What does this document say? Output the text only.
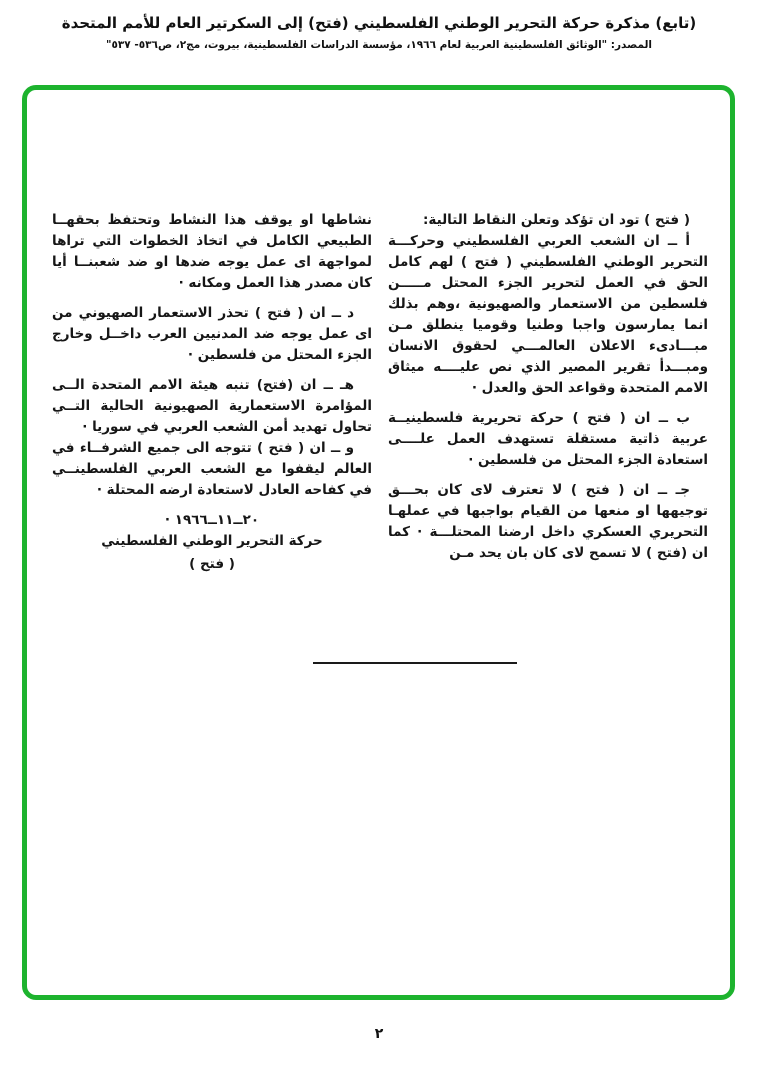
(تابع) مذكرة حركة التحرير الوطني الفلسطيني (فتح) إلى السكرتير العام للأمم المتحدة
المصدر: "الوثائق الفلسطينية العربية لعام ١٩٦٦، مؤسسة الدراسات الفلسطينية، بيروت، مج٢، ص٥٣٦- ٥٣٧"

( فتح ) تود ان تؤكد وتعلن النقاط التالية:

أ ــ ان الشعب العربي الفلسطيني وحركـــة التحرير الوطني الفلسطيني ( فتح ) لهم كامل الحق في العمل لتحرير الجزء المحتل مـــــن فلسطين من الاستعمار والصهيونية ،وهم بذلك انما يمارسون واجبا وطنيا وقوميا ينطلق مـن مبـــادىء الاعلان العالمـــي لحقوق الانسان ومبـــدأ تقرير المصير الذي نص عليــــه ميثاق الامم المتحدة وقواعد الحق والعدل ·

ب ــ ان ( فتح ) حركة تحريرية فلسطينيــة عربية ذاتية مستقلة تستهدف العمل علــــى استعادة الجزء المحتل من فلسطين ·

جـ ــ ان ( فتح ) لا تعترف لاى كان بحـــق توجيهها او منعها من القيام بواجبها في عملهـا التحريري العسكري داخل ارضنا المحتلـــة · كما ان (فتح ) لا تسمح لاى كان بان يحد مـن

نشاطها او يوقف هذا النشاط وتحتفظ بحقهــا الطبيعي الكامل في اتخاذ الخطوات التي تراها لمواجهة اى عمل يوجه ضدها او ضد شعبنــا أيا كان مصدر هذا العمل ومكانه ·

د ــ ان ( فتح ) تحذر الاستعمار الصهيوني من اى عمل يوجه ضد المدنيين العرب داخــل وخارج الجزء المحتل من فلسطين ·

هـ ــ ان (فتح) تنبه هيئة الامم المتحدة الــى المؤامرة الاستعمارية الصهيونية الحالية التــي تحاول تهديد أمن الشعب العربي في سوريا ·

و ــ ان ( فتح ) تتوجه الى جميع الشرفــاء في العالم ليقفوا مع الشعب العربي الفلسطينــي في كفاحه العادل لاستعادة ارضه المحتلة ·

٢٠ــ١١ــ١٩٦٦ ·

حركة التحرير الوطني الفلسطيني

( فتح )

٢
